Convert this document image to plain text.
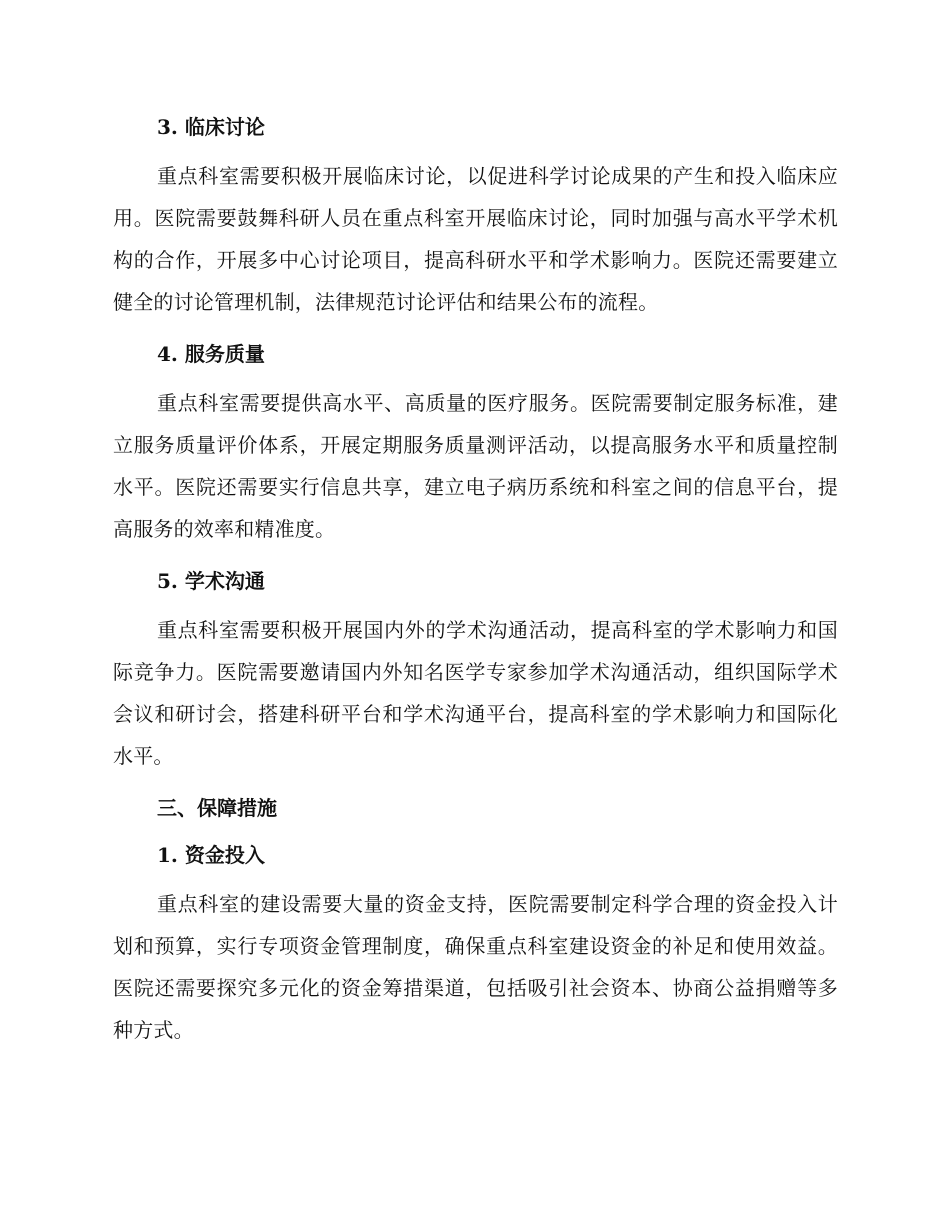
3. 临床讨论

重点科室需要积极开展临床讨论，以促进科学讨论成果的产生和投入临床应用。医院需要鼓舞科研人员在重点科室开展临床讨论，同时加强与高水平学术机构的合作，开展多中心讨论项目，提高科研水平和学术影响力。医院还需要建立健全的讨论管理机制，法律规范讨论评估和结果公布的流程。

4. 服务质量

重点科室需要提供高水平、高质量的医疗服务。医院需要制定服务标准，建立服务质量评价体系，开展定期服务质量测评活动，以提高服务水平和质量控制水平。医院还需要实行信息共享，建立电子病历系统和科室之间的信息平台，提高服务的效率和精准度。

5. 学术沟通

重点科室需要积极开展国内外的学术沟通活动，提高科室的学术影响力和国际竞争力。医院需要邀请国内外知名医学专家参加学术沟通活动，组织国际学术会议和研讨会，搭建科研平台和学术沟通平台，提高科室的学术影响力和国际化水平。

三、保障措施
1. 资金投入

重点科室的建设需要大量的资金支持，医院需要制定科学合理的资金投入计划和预算，实行专项资金管理制度，确保重点科室建设资金的补足和使用效益。医院还需要探究多元化的资金筹措渠道，包括吸引社会资本、协商公益捐赠等多种方式。
